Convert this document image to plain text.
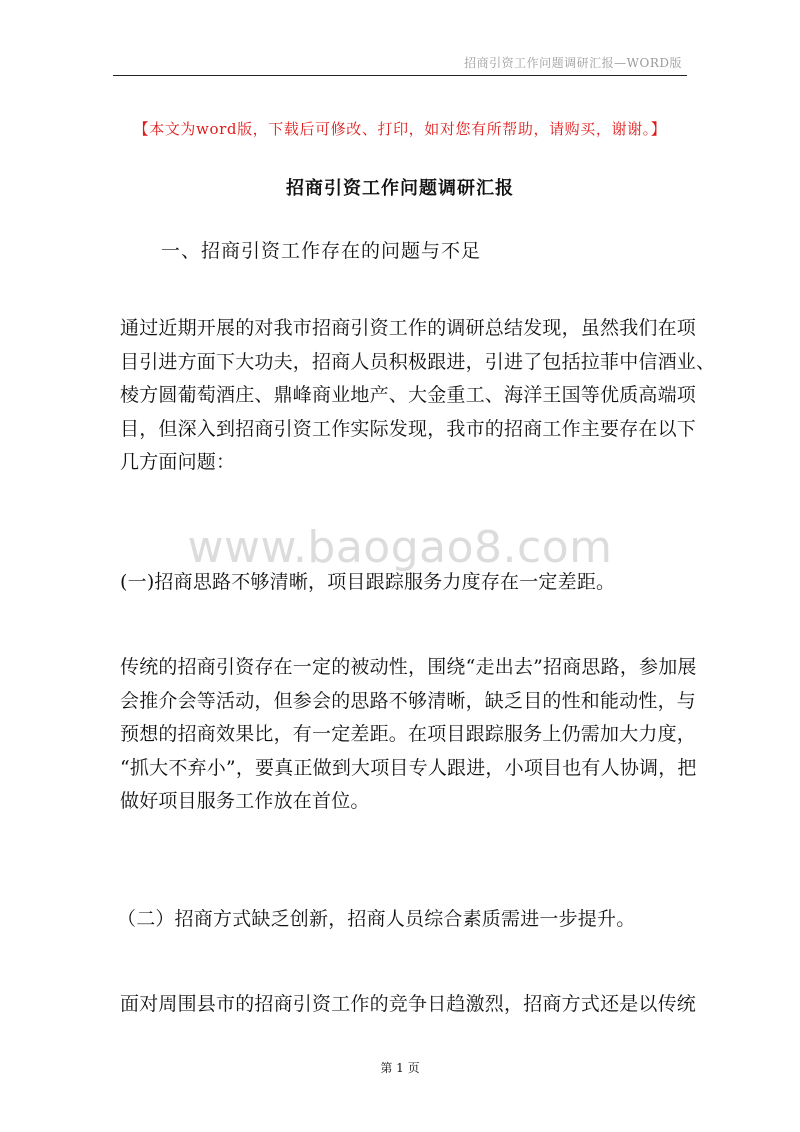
招商引资工作问题调研汇报—WORD版
【本文为word版，下载后可修改、打印，如对您有所帮助，请购买，谢谢。】
招商引资工作问题调研汇报
一、招商引资工作存在的问题与不足
通过近期开展的对我市招商引资工作的调研总结发现，虽然我们在项
目引进方面下大功夫，招商人员积极跟进，引进了包括拉菲中信酒业、
棱方圆葡萄酒庄、鼎峰商业地产、大金重工、海洋王国等优质高端项
目，但深入到招商引资工作实际发现，我市的招商工作主要存在以下
几方面问题：
www.baogao8.com
(一)招商思路不够清晰，项目跟踪服务力度存在一定差距。
传统的招商引资存在一定的被动性，围绕“走出去”招商思路，参加展
会推介会等活动，但参会的思路不够清晰，缺乏目的性和能动性，与
预想的招商效果比，有一定差距。在项目跟踪服务上仍需加大力度，
“抓大不弃小”，要真正做到大项目专人跟进，小项目也有人协调，把
做好项目服务工作放在首位。
（二）招商方式缺乏创新，招商人员综合素质需进一步提升。
面对周围县市的招商引资工作的竞争日趋激烈，招商方式还是以传统
第 1 页
